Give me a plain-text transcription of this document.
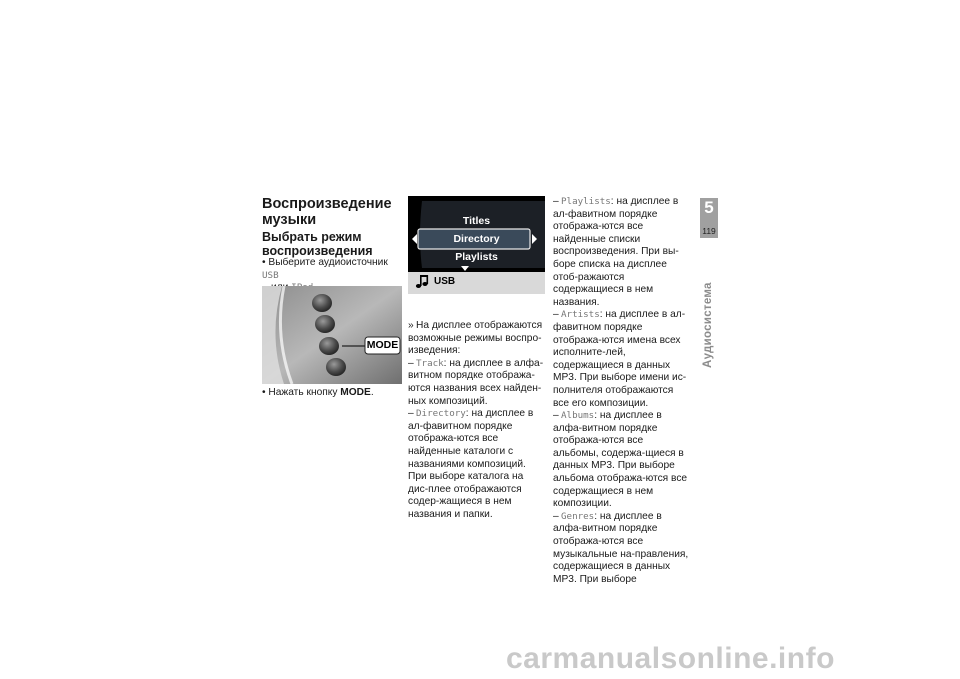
Воспроизведение музыки
Выбрать режим воспроизведения
• Выберите аудиоисточник USB
MODE
• Нажать кнопку MODE.
Titles
Directory
Playlists
USB
» На дисплее отображаются возможные режимы воспро-изведения:
– Track: на дисплее в алфа-витном порядке отобража-ются названия всех найден-ных композиций.
– Directory: на дисплее в ал-фавитном порядке отобража-ются все найденные каталоги с названиями композиций. При выборе каталога на дис-плее отображаются содер-жащиеся в нем названия и папки.
– Playlists: на дисплее в ал-фавитном порядке отобража-ются все найденные списки воспроизведения. При вы-боре списка на дисплее отоб-ражаются содержащиеся в нем названия.
– Artists: на дисплее в ал-фавитном порядке отобража-ются имена всех исполните-лей, содержащиеся в данных MP3. При выборе имени ис-полнителя отображаются все его композиции.
– Albums: на дисплее в алфа-витном порядке отобража-ются все альбомы, содержа-щиеся в данных MP3. При выборе альбома отобража-ются все содержащиеся в нем композиции.
– Genres: на дисплее в алфа-витном порядке отобража-ются все музыкальные на-правления, содержащиеся в данных MP3. При выборе
5
119
Аудиосистема
carmanualsonline.info
